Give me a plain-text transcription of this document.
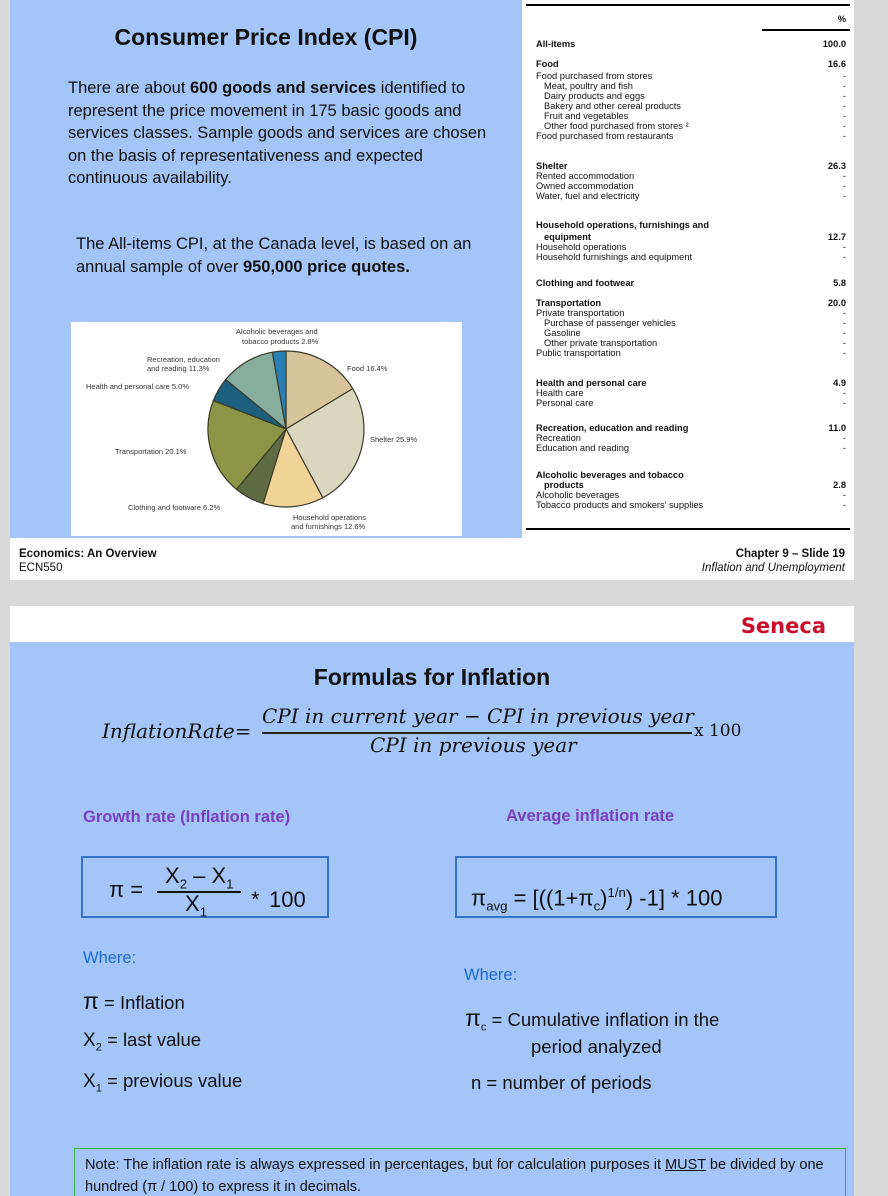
Consumer Price Index (CPI)
There are about 600 goods and services identified to represent the price movement in 175 basic goods and services classes. Sample goods and services are chosen on the basis of representativeness and expected continuous availability.
The All-items CPI, at the Canada level, is based on an annual sample of over 950,000 price quotes.
Alcoholic beverages and
tobacco products 2.8%
Recreation, education
and reading 11.3%
Health and personal care 5.0%
Transportation 20.1%
Clothing and footware 6.2%
Household operations
and furnishings 12.6%
Shelter 25.9%
Food 16.4%
%
All-items	100.0
Food	16.6
Food purchased from stores	-
Meat, poultry and fish	-
Dairy products and eggs	-
Bakery and other cereal products	-
Fruit and vegetables	-
Other food purchased from stores ²	-
Food purchased from restaurants	-
Shelter	26.3
Rented accommodation	-
Owned accommodation	-
Water, fuel and electricity	-
Household operations, furnishings and
equipment	12.7
Household operations	-
Household furnishings and equipment	-
Clothing and footwear	5.8
Transportation	20.0
Private transportation	-
Purchase of passenger vehicles	-
Gasoline	-
Other private transportation	-
Public transportation	-
Health and personal care	4.9
Health care	-
Personal care	-
Recreation, education and reading	11.0
Recreation	-
Education and reading	-
Alcoholic beverages and tobacco
products	2.8
Alcoholic beverages	-
Tobacco products and smokers' supplies	-
Economics: An Overview
ECN550
Chapter 9 – Slide 19
Inflation and Unemployment
Seneca
Formulas for Inflation
InflationRate=
CPI in current year − CPI in previous year
CPI in previous year
x 100
Growth rate (Inflation rate)	Average inflation rate
π =
$X_2 - X_1$
$X_1 * 100$	$\pi_{avg} = [((1+\pi_c)^{1/n})$ -1] * 100
Where:
Where:
π = Inflation
$X_2$ = last value
$X_1$ = previous value
$\pi_c$ = Cumulative inflation in the
period analyzed
n = number of periods
Note: The inflation rate is always expressed in percentages, but for calculation purposes it MUST be divided by one hundred (π / 100) to express it in decimals.
